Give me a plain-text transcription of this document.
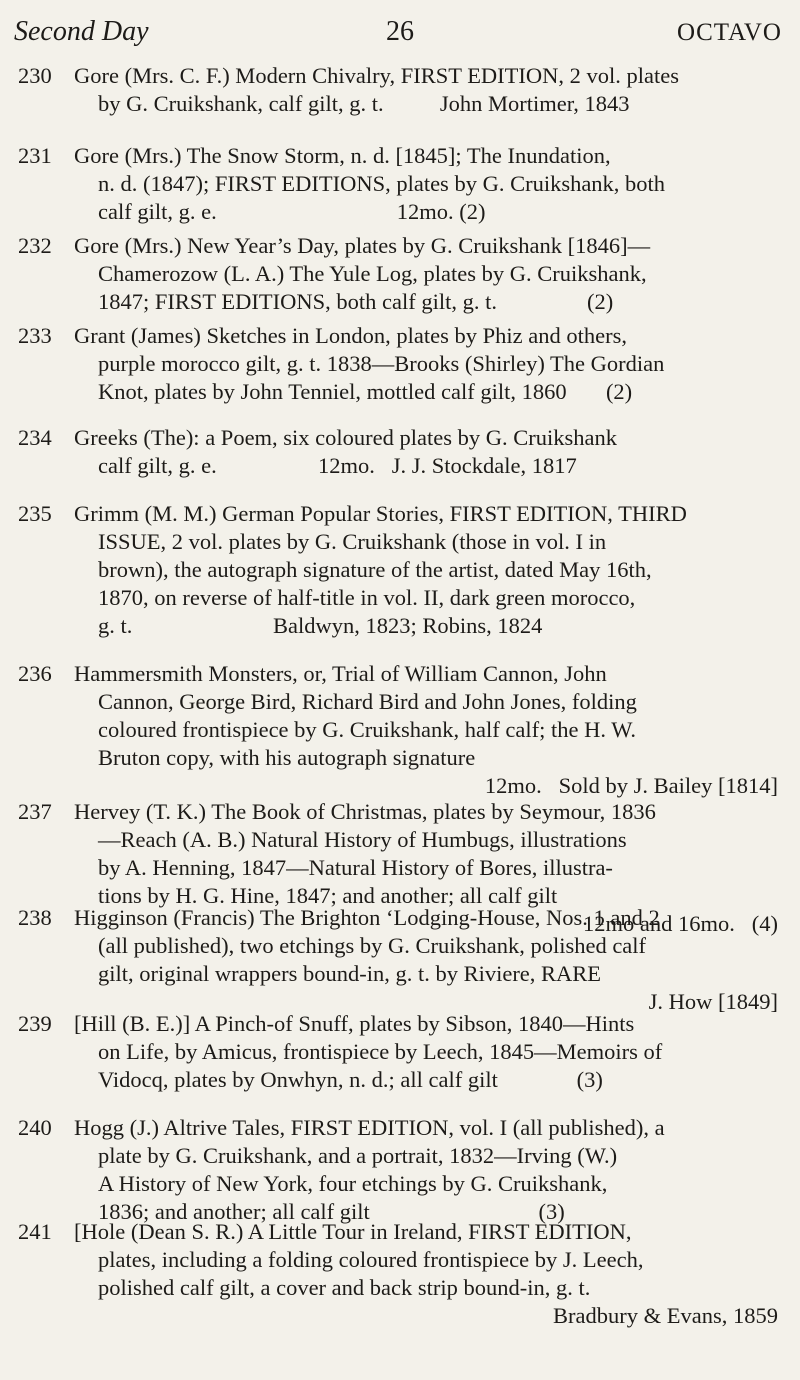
Second Day	26	OCTAVO
230 Gore (Mrs. C. F.) Modern Chivalry, FIRST EDITION, 2 vol. plates
by G. Cruikshank, calf gilt, g. t.          John Mortimer, 1843
231 Gore (Mrs.) The Snow Storm, n. d. [1845]; The Inundation,
n. d. (1847); FIRST EDITIONS, plates by G. Cruikshank, both
calf gilt, g. e.                                12mo. (2)
232 Gore (Mrs.) New Year’s Day, plates by G. Cruikshank [1846]—
Chamerozow (L. A.) The Yule Log, plates by G. Cruikshank,
1847; FIRST EDITIONS, both calf gilt, g. t.                (2)
233 Grant (James) Sketches in London, plates by Phiz and others,
purple morocco gilt, g. t. 1838—Brooks (Shirley) The Gordian
Knot, plates by John Tenniel, mottled calf gilt, 1860       (2)
234 Greeks (The): a Poem, six coloured plates by G. Cruikshank
calf gilt, g. e.                  12mo.   J. J. Stockdale, 1817
235 Grimm (M. M.) German Popular Stories, FIRST EDITION, THIRD
ISSUE, 2 vol. plates by G. Cruikshank (those in vol. I in
brown), the autograph signature of the artist, dated May 16th,
1870, on reverse of half-title in vol. II, dark green morocco,
g. t.                         Baldwyn, 1823; Robins, 1824
236 Hammersmith Monsters, or, Trial of William Cannon, John
Cannon, George Bird, Richard Bird and John Jones, folding
coloured frontispiece by G. Cruikshank, half calf; the H. W.
Bruton copy, with his autograph signature
12mo.   Sold by J. Bailey [1814]
237 Hervey (T. K.) The Book of Christmas, plates by Seymour, 1836
—Reach (A. B.) Natural History of Humbugs, illustrations
by A. Henning, 1847—Natural History of Bores, illustra-
tions by H. G. Hine, 1847; and another; all calf gilt
12mo and 16mo.   (4)
238 Higginson (Francis) The Brighton ‘Lodging-House, Nos. 1 and 2
(all published), two etchings by G. Cruikshank, polished calf
gilt, original wrappers bound-in, g. t. by Riviere, RARE
J. How [1849]
239 [Hill (B. E.)] A Pinch-of Snuff, plates by Sibson, 1840—Hints
on Life, by Amicus, frontispiece by Leech, 1845—Memoirs of
Vidocq, plates by Onwhyn, n. d.; all calf gilt              (3)
240 Hogg (J.) Altrive Tales, FIRST EDITION, vol. I (all published), a
plate by G. Cruikshank, and a portrait, 1832—Irving (W.)
A History of New York, four etchings by G. Cruikshank,
1836; and another; all calf gilt                              (3)
241 [Hole (Dean S. R.) A Little Tour in Ireland, FIRST EDITION,
plates, including a folding coloured frontispiece by J. Leech,
polished calf gilt, a cover and back strip bound-in, g. t.
Bradbury & Evans, 1859
